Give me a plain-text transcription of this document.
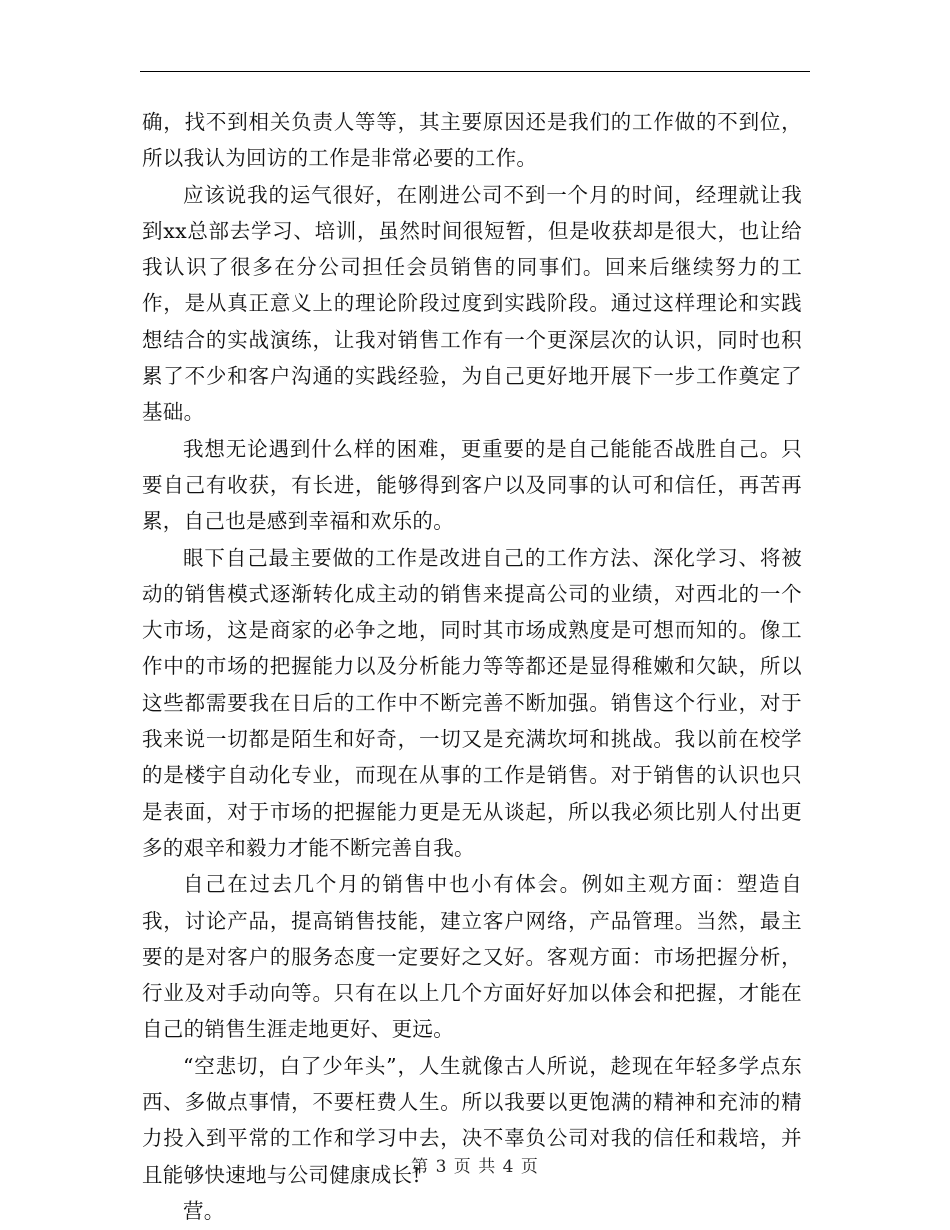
确，找不到相关负责人等等，其主要原因还是我们的工作做的不到位，所以我认为回访的工作是非常必要的工作。

应该说我的运气很好，在刚进公司不到一个月的时间，经理就让我到xx总部去学习、培训，虽然时间很短暂，但是收获却是很大，也让给我认识了很多在分公司担任会员销售的同事们。回来后继续努力的工作，是从真正意义上的理论阶段过度到实践阶段。通过这样理论和实践想结合的实战演练，让我对销售工作有一个更深层次的认识，同时也积累了不少和客户沟通的实践经验，为自己更好地开展下一步工作奠定了基础。

我想无论遇到什么样的困难，更重要的是自己能能否战胜自己。只要自己有收获，有长进，能够得到客户以及同事的认可和信任，再苦再累，自己也是感到幸福和欢乐的。

眼下自己最主要做的工作是改进自己的工作方法、深化学习、将被动的销售模式逐渐转化成主动的销售来提高公司的业绩，对西北的一个大市场，这是商家的必争之地，同时其市场成熟度是可想而知的。像工作中的市场的把握能力以及分析能力等等都还是显得稚嫩和欠缺，所以这些都需要我在日后的工作中不断完善不断加强。销售这个行业，对于我来说一切都是陌生和好奇，一切又是充满坎坷和挑战。我以前在校学的是楼宇自动化专业，而现在从事的工作是销售。对于销售的认识也只是表面，对于市场的把握能力更是无从谈起，所以我必须比别人付出更多的艰辛和毅力才能不断完善自我。

自己在过去几个月的销售中也小有体会。例如主观方面：塑造自我，讨论产品，提高销售技能，建立客户网络，产品管理。当然，最主要的是对客户的服务态度一定要好之又好。客观方面：市场把握分析，行业及对手动向等。只有在以上几个方面好好加以体会和把握，才能在自己的销售生涯走地更好、更远。

“空悲切，白了少年头”，人生就像古人所说，趁现在年轻多学点东西、多做点事情，不要枉费人生。所以我要以更饱满的精神和充沛的精力投入到平常的工作和学习中去，决不辜负公司对我的信任和栽培，并且能够快速地与公司健康成长!

营。

第 3 页 共 4 页
